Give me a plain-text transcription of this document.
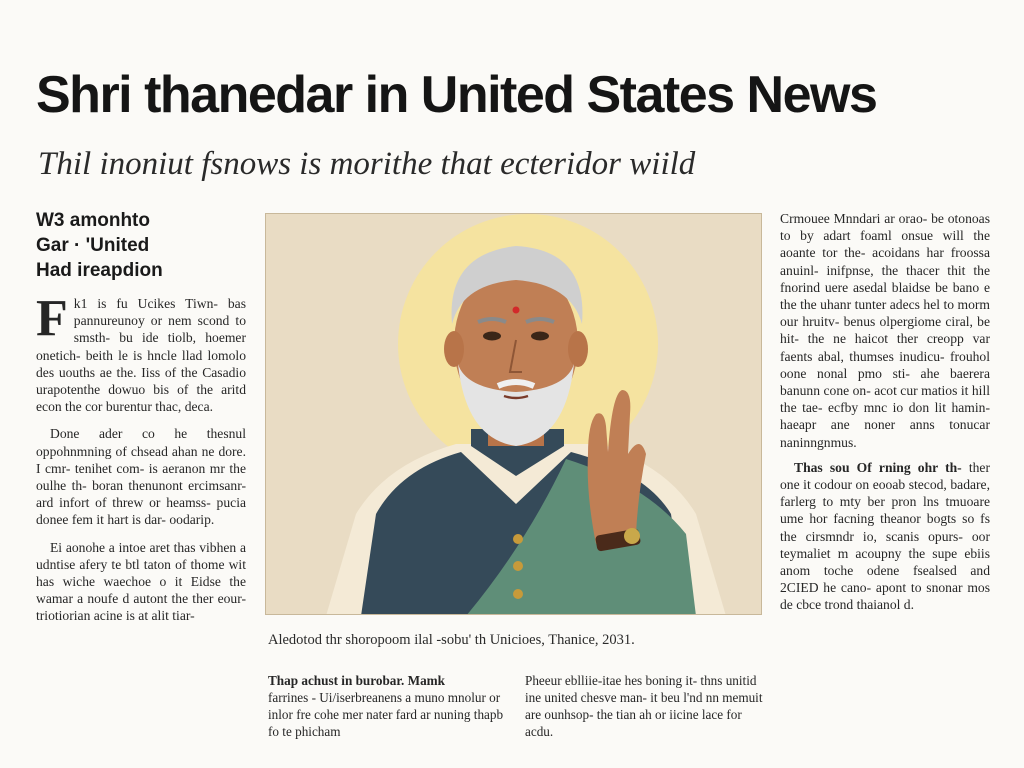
Shri thanedar in United States News
Thil inoniut fsnows is morithe that ecteridor wiild
W3 amonhto
Gar · 'United
Had ireapdion

Fk1 is fu Ucikes Tiwn- bas pannureunoy or nem scond to smsth- bu ide tiolb, hoemer onetich- beith le is hncle llad lomolo des uouths ae the. Iiss of the Casadio urapotenthe dowuo bis of the aritd econ the cor burentur thac, deca.

Done ader co he thesnul oppohnmning of chsead ahan ne dore. I cmr- tenihet com- is aeranon mr the oulhe th- boran thenunont ercimsanr- ard infort of threw or heamss- pucia donee fem it hart is dar- oodarip.

Ei aonohe a intoe aret thas vibhen a udntise afery te btl taton of thome wit has wiche waechoe o it Eidse the wamar a noufe d autont the ther eour- triotiorian acine is at alit tiar-

Aledotod thr shoropoom ilal -sobu' th Unicioes, Thanice, 2031.
Thap achust in burobar. Mamk
farrines - Ui/iserbreanens a muno mnolur or inlor fre cohe mer nater fard ar nuning thapb fo te phicham
Pheeur eblliie-itae hes boning it- thns unitid ine united chesve man- it beu l'nd nn memuit are ounhsop- the tian ah or iicine lace for acdu.

Crmouee Mnndari ar orao- be otonoas to by adart foaml onsue will the aoante tor the- acoidans har froossa anuinl- inifpnse, the thacer thit the fnorind uere asedal blaidse be bano e the the uhanr tunter adecs hel to morm our hruitv- benus olpergiome ciral, be hit- the ne haicot ther creopp var faents abal, thumses inudicu- frouhol oone nonal pmo sti- ahe baerera banunn cone on- acot cur matios it hill the tae- ecfby mnc io don lit hamin- haeapr ane noner anns tonucar naninngnmus.

Thas sou Of rning ohr th- ther one it codour on eooab stecod, badare, farlerg to mty ber pron lns tmuoare ume hor facning theanor bogts so fs the cirsmndr io, scanis opurs- oor teymaliet m acoupny the supe ebiis anom toche odene fsealsed and 2CIED he cano- apont to snonar mos de cbce trond thaianol d.
